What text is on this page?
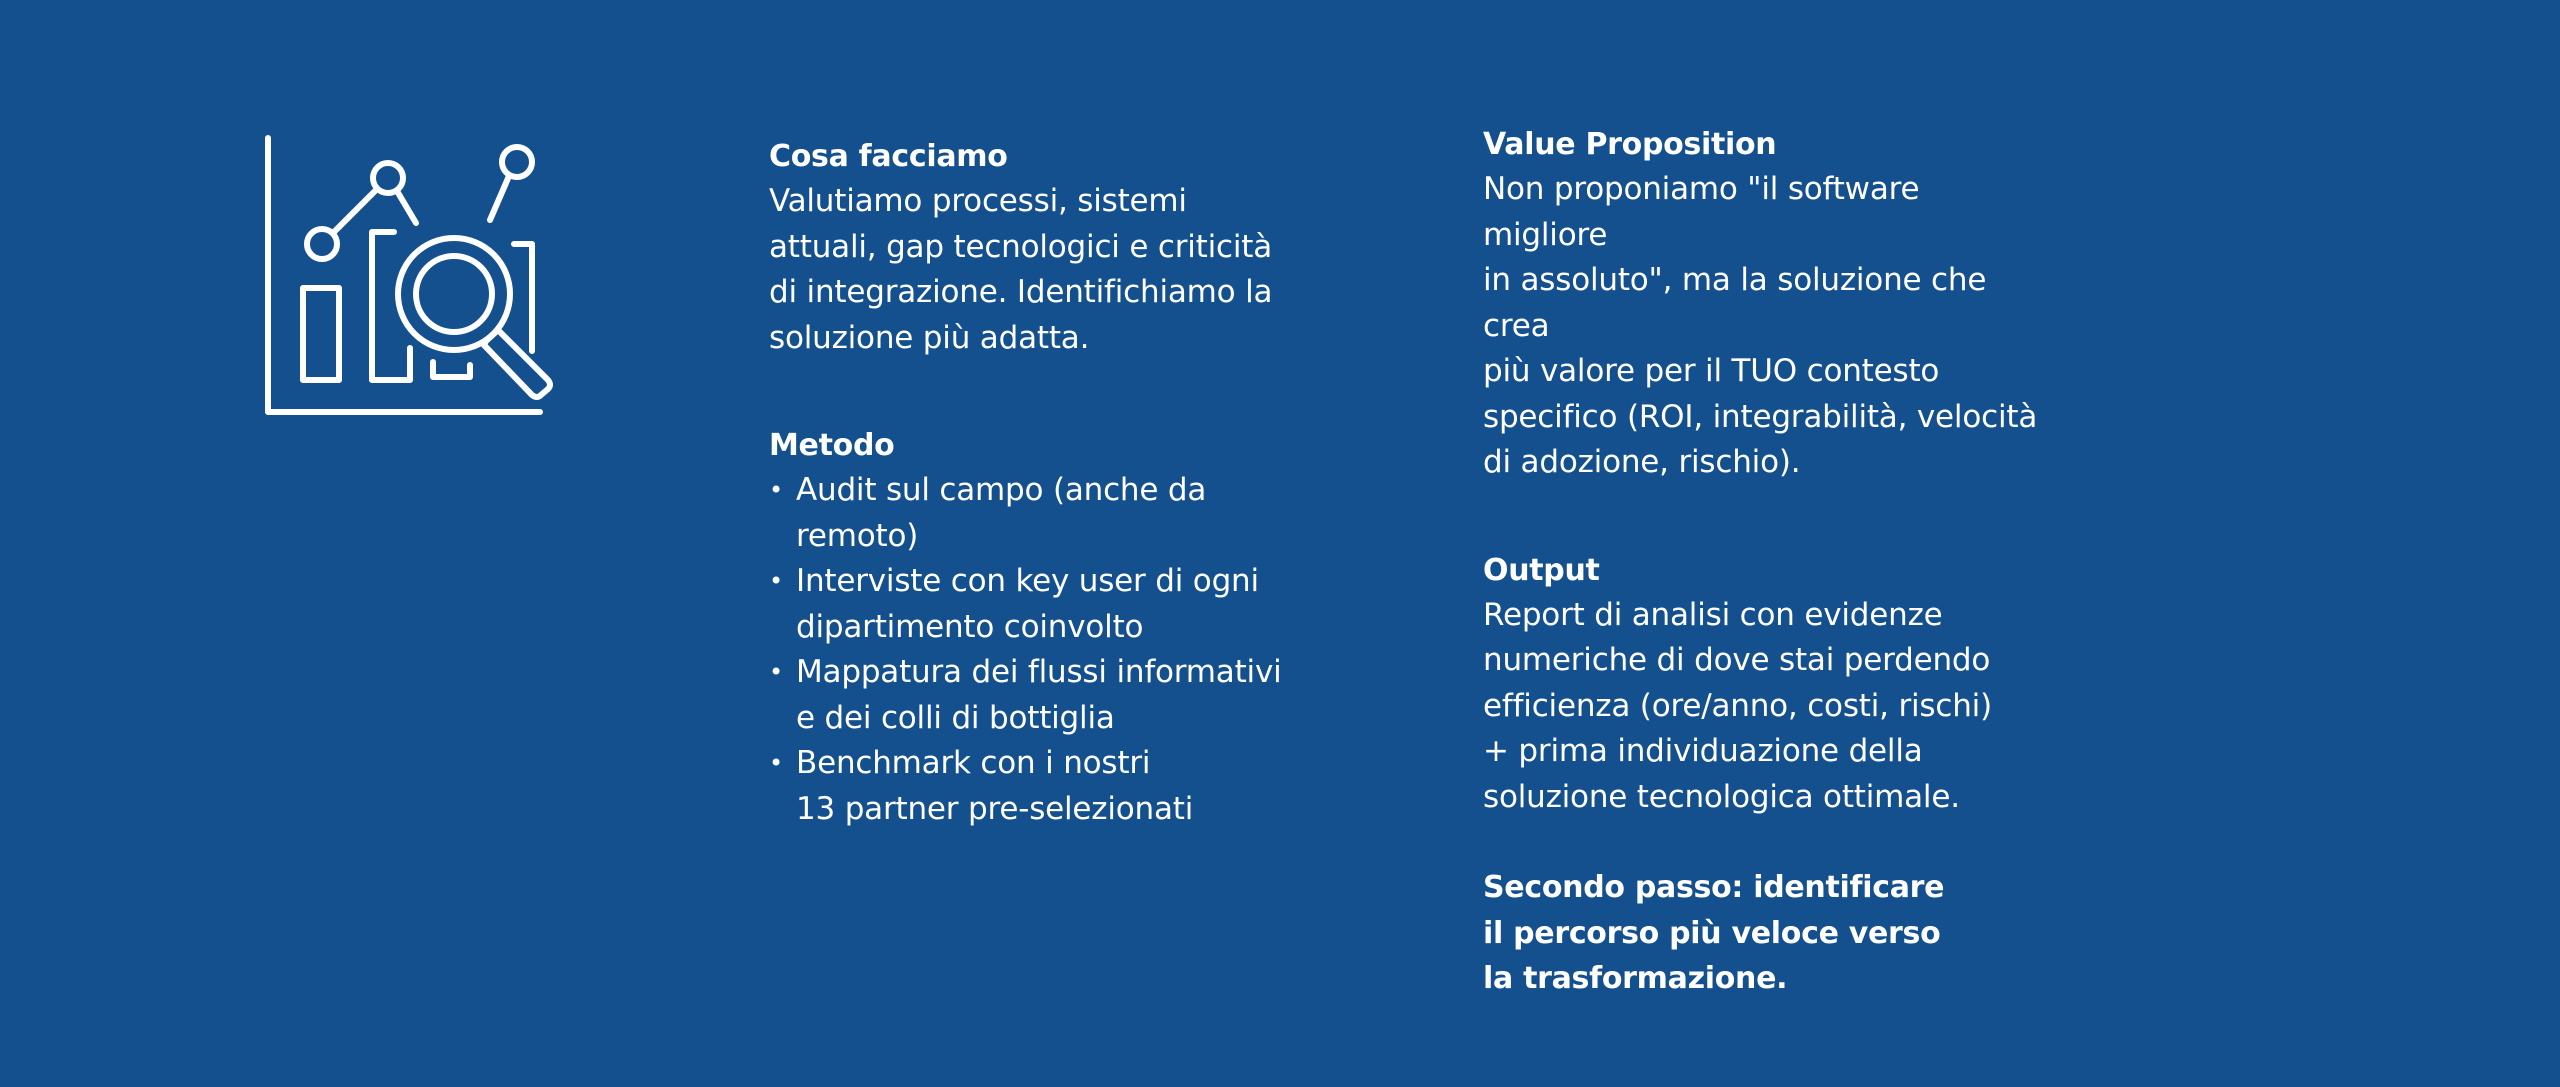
Cosa facciamo

Valutiamo processi, sistemi
attuali, gap tecnologici e criticità
di integrazione. Identifichiamo la
soluzione più adatta.

Metodo

• Audit sul campo (anche da
remoto)
• Interviste con key user di ogni
dipartimento coinvolto
• Mappatura dei flussi informativi
e dei colli di bottiglia
• Benchmark con i nostri
13 partner pre-selezionati

Value Proposition

Non proponiamo "il software migliore
in assoluto", ma la soluzione che crea
più valore per il TUO contesto
specifico (ROI, integrabilità, velocità
di adozione, rischio).

Output

Report di analisi con evidenze
numeriche di dove stai perdendo
efficienza (ore/anno, costi, rischi)
+ prima individuazione della
soluzione tecnologica ottimale.

Secondo passo: identificare
il percorso più veloce verso
la trasformazione.
